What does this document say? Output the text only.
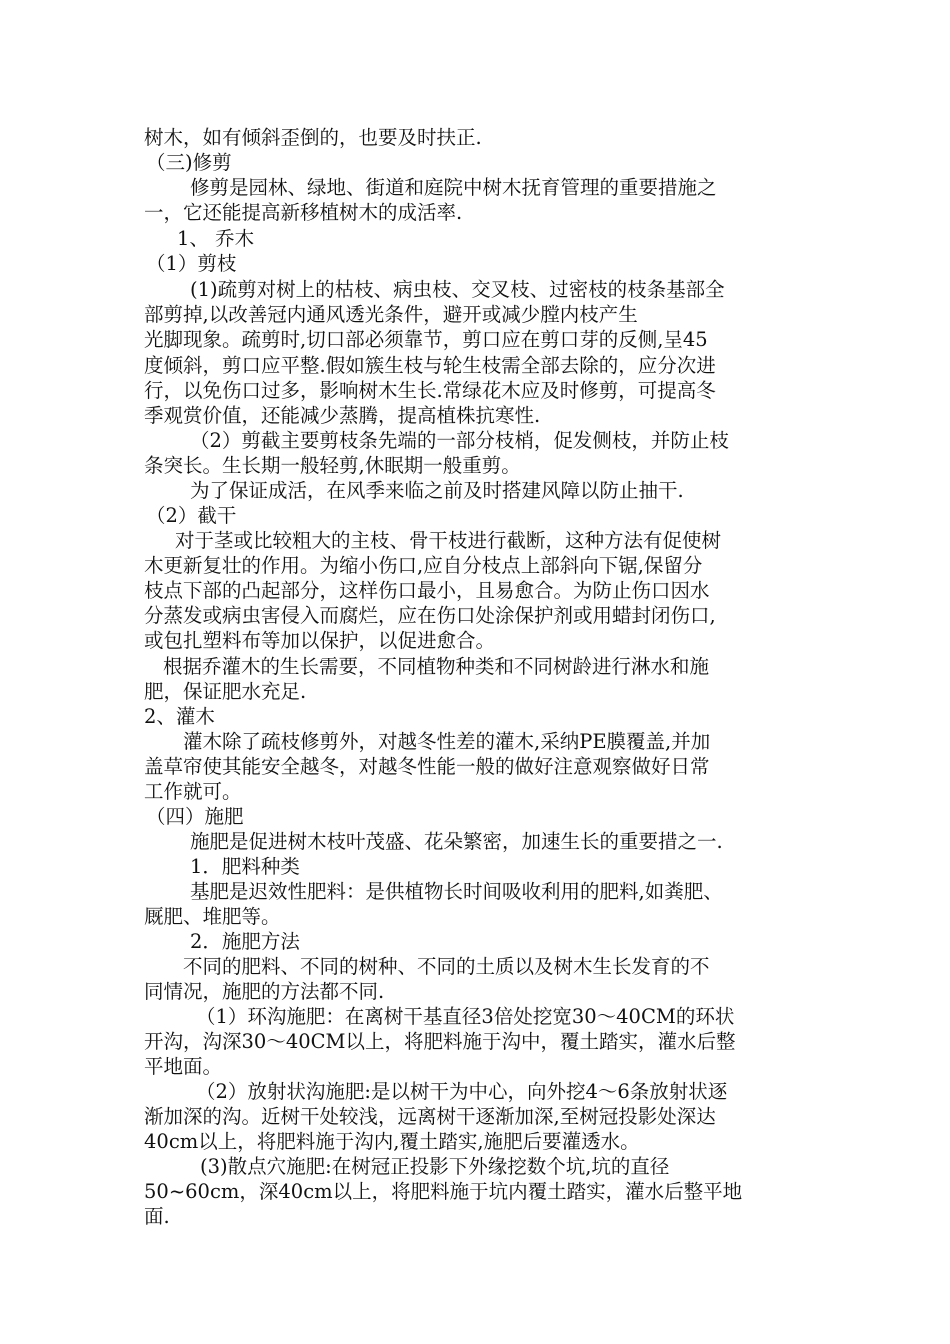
树木，如有倾斜歪倒的，也要及时扶正.
（三)修剪
修剪是园林、绿地、街道和庭院中树木抚育管理的重要措施之
一，它还能提高新移植树木的成活率.
1、 乔木
（1）剪枝
(1)疏剪对树上的枯枝、病虫枝、交叉枝、过密枝的枝条基部全
部剪掉,以改善冠内通风透光条件，避开或减少膛内枝产生
光脚现象。疏剪时,切口部必须靠节，剪口应在剪口芽的反侧,呈45
度倾斜，剪口应平整.假如簇生枝与轮生枝需全部去除的，应分次进
行，以免伤口过多，影响树木生长.常绿花木应及时修剪，可提高冬
季观赏价值，还能减少蒸腾，提高植株抗寒性.
（2）剪截主要剪枝条先端的一部分枝梢，促发侧枝，并防止枝
条突长。生长期一般轻剪,休眠期一般重剪。
为了保证成活，在风季来临之前及时搭建风障以防止抽干.
（2）截干
对于茎或比较粗大的主枝、骨干枝进行截断，这种方法有促使树
木更新复壮的作用。为缩小伤口,应自分枝点上部斜向下锯,保留分
枝点下部的凸起部分，这样伤口最小，且易愈合。为防止伤口因水
分蒸发或病虫害侵入而腐烂，应在伤口处涂保护剂或用蜡封闭伤口,
或包扎塑料布等加以保护，以促进愈合。
根据乔灌木的生长需要，不同植物种类和不同树龄进行淋水和施
肥，保证肥水充足.
2、灌木
灌木除了疏枝修剪外，对越冬性差的灌木,采纳PE膜覆盖,并加
盖草帘使其能安全越冬，对越冬性能一般的做好注意观察做好日常
工作就可。
（四）施肥
施肥是促进树木枝叶茂盛、花朵繁密，加速生长的重要措之一.
1．肥料种类
基肥是迟效性肥料：是供植物长时间吸收利用的肥料,如粪肥、
厩肥、堆肥等。
2．施肥方法
不同的肥料、不同的树种、不同的土质以及树木生长发育的不
同情况，施肥的方法都不同.
（1）环沟施肥：在离树干基直径3倍处挖宽30～40CM的环状
开沟，沟深30～40CM以上，将肥料施于沟中，覆土踏实，灌水后整
平地面。
（2）放射状沟施肥:是以树干为中心，向外挖4～6条放射状逐
渐加深的沟。近树干处较浅，远离树干逐渐加深,至树冠投影处深达
40cm以上，将肥料施于沟内,覆土踏实,施肥后要灌透水。
(3)散点穴施肥:在树冠正投影下外缘挖数个坑,坑的直径
50~60cm，深40cm以上，将肥料施于坑内覆土踏实，灌水后整平地
面.
